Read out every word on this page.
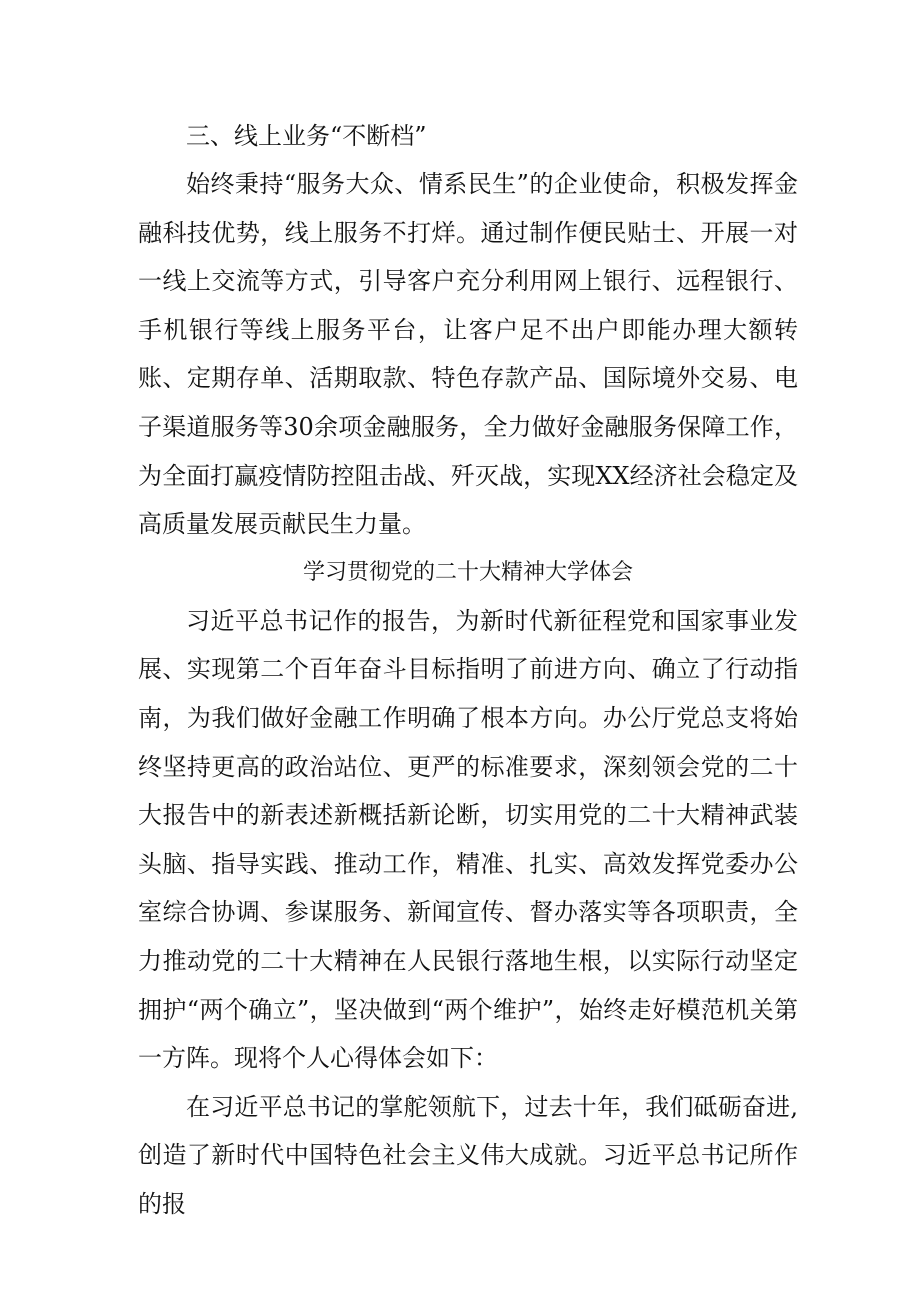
三、线上业务“不断档”

始终秉持“服务大众、情系民生”的企业使命，积极发挥金融科技优势，线上服务不打烊。通过制作便民贴士、开展一对一线上交流等方式，引导客户充分利用网上银行、远程银行、手机银行等线上服务平台，让客户足不出户即能办理大额转账、定期存单、活期取款、特色存款产品、国际境外交易、电子渠道服务等30余项金融服务，全力做好金融服务保障工作，为全面打赢疫情防控阻击战、歼灭战，实现XX经济社会稳定及高质量发展贡献民生力量。

学习贯彻党的二十大精神大学体会

习近平总书记作的报告，为新时代新征程党和国家事业发展、实现第二个百年奋斗目标指明了前进方向、确立了行动指南，为我们做好金融工作明确了根本方向。办公厅党总支将始终坚持更高的政治站位、更严的标准要求，深刻领会党的二十大报告中的新表述新概括新论断，切实用党的二十大精神武装头脑、指导实践、推动工作，精准、扎实、高效发挥党委办公室综合协调、参谋服务、新闻宣传、督办落实等各项职责，全力推动党的二十大精神在人民银行落地生根，以实际行动坚定拥护“两个确立”，坚决做到“两个维护”，始终走好模范机关第一方阵。现将个人心得体会如下：

在习近平总书记的掌舵领航下，过去十年，我们砥砺奋进,创造了新时代中国特色社会主义伟大成就。习近平总书记所作的报
